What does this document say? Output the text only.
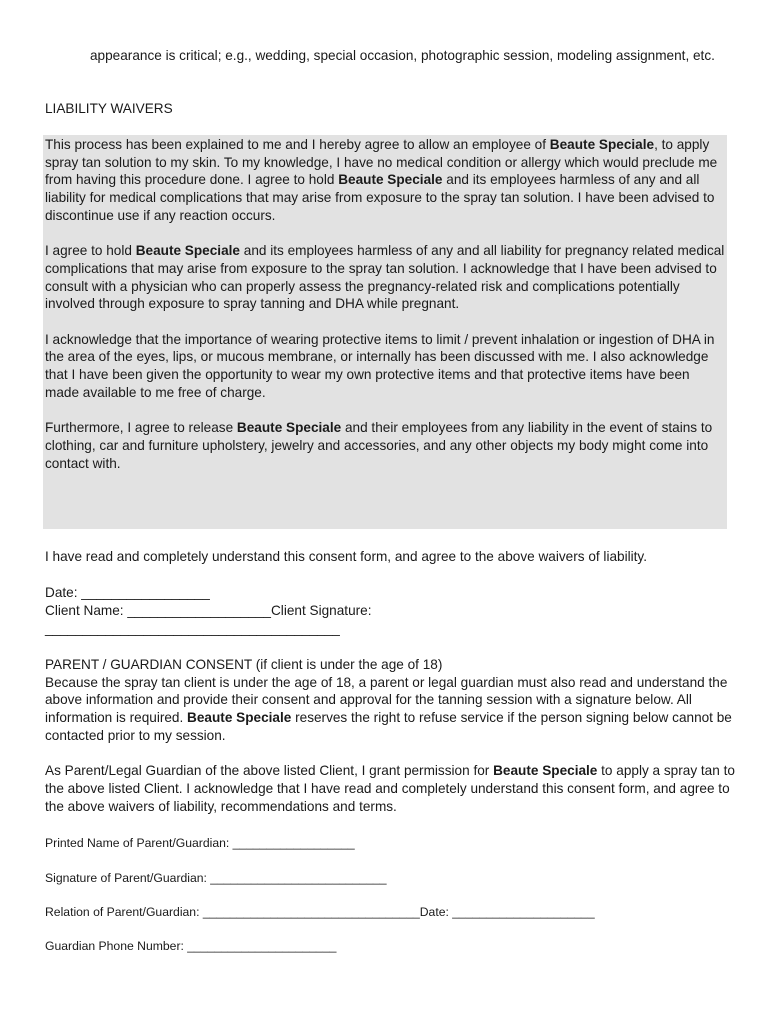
appearance is critical; e.g., wedding, special occasion, photographic session, modeling assignment, etc.
LIABILITY WAIVERS

This process has been explained to me and I hereby agree to allow an employee of Beaute Speciale, to apply spray tan solution to my skin. To my knowledge, I have no medical condition or allergy which would preclude me from having this procedure done. I agree to hold Beaute Speciale and its employees harmless of any and all liability for medical complications that may arise from exposure to the spray tan solution. I have been advised to discontinue use if any reaction occurs.

I agree to hold Beaute Speciale and its employees harmless of any and all liability for pregnancy related medical complications that may arise from exposure to the spray tan solution. I acknowledge that I have been advised to consult with a physician who can properly assess the pregnancy-related risk and complications potentially involved through exposure to spray tanning and DHA while pregnant.

I acknowledge that the importance of wearing protective items to limit / prevent inhalation or ingestion of DHA in the area of the eyes, lips, or mucous membrane, or internally has been discussed with me. I also acknowledge that I have been given the opportunity to wear my own protective items and that protective items have been made available to me free of charge.

Furthermore, I agree to release Beaute Speciale and their employees from any liability in the event of stains to clothing, car and furniture upholstery, jewelry and accessories, and any other objects my body might come into contact with.

I have read and completely understand this consent form, and agree to the above waivers of liability.
Date: _________________
Client Name: ___________________Client Signature:
_______________________________________
PARENT / GUARDIAN CONSENT (if client is under the age of 18)

Because the spray tan client is under the age of 18, a parent or legal guardian must also read and understand the above information and provide their consent and approval for the tanning session with a signature below. All information is required. Beaute Speciale reserves the right to refuse service if the person signing below cannot be contacted prior to my session.

As Parent/Legal Guardian of the above listed Client, I grant permission for Beaute Speciale to apply a spray tan to the above listed Client. I acknowledge that I have read and completely understand this consent form, and agree to the above waivers of liability, recommendations and terms.

Printed Name of Parent/Guardian: __________________
Signature of Parent/Guardian: __________________________
Relation of Parent/Guardian: ________________________________Date: _____________________
Guardian Phone Number: ______________________
